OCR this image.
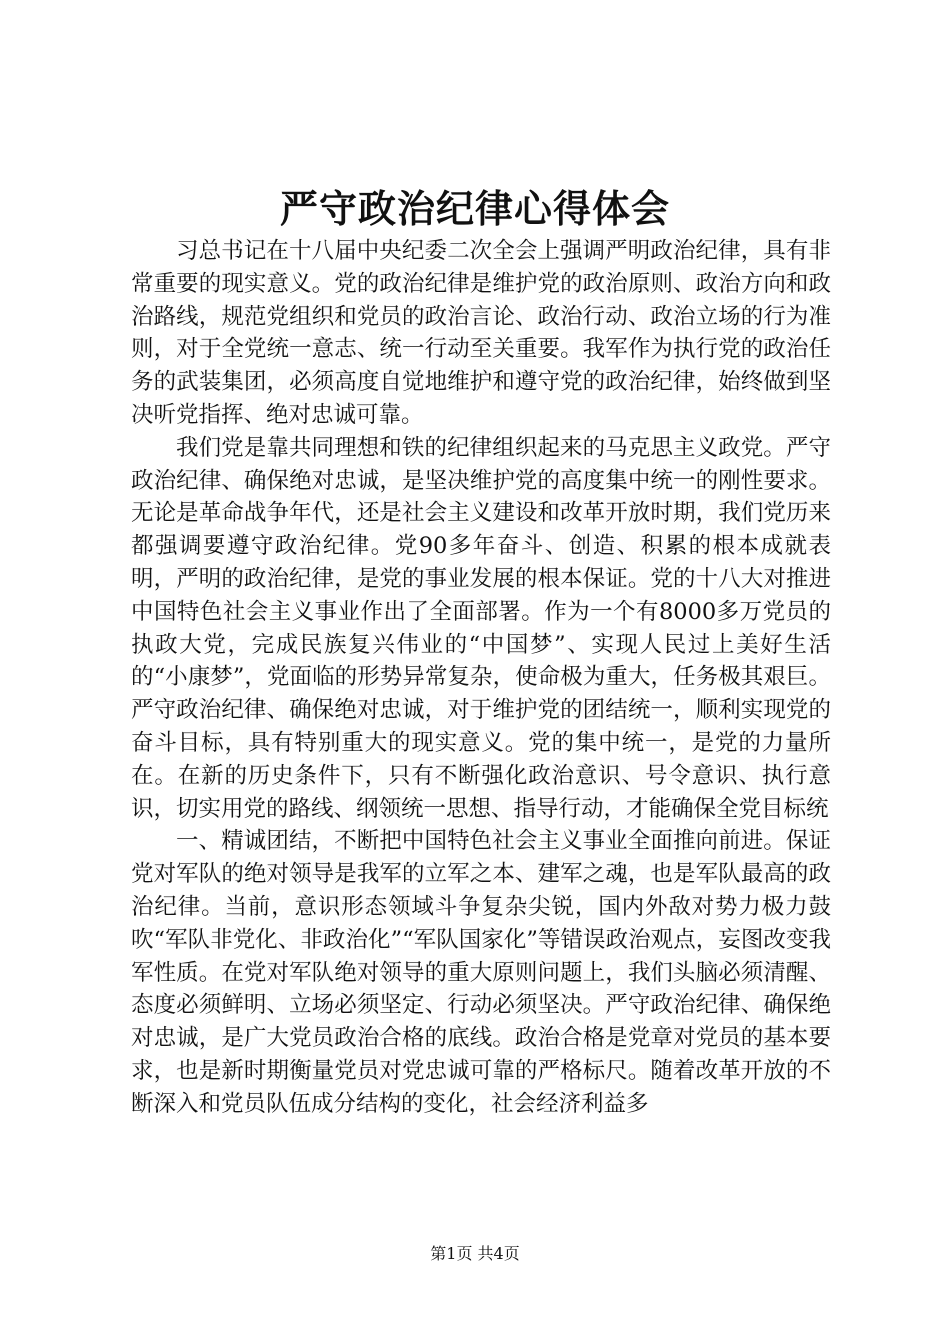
严守政治纪律心得体会

习总书记在十八届中央纪委二次全会上强调严明政治纪律，具有非常重要的现实意义。党的政治纪律是维护党的政治原则、政治方向和政治路线，规范党组织和党员的政治言论、政治行动、政治立场的行为准则，对于全党统一意志、统一行动至关重要。我军作为执行党的政治任务的武装集团，必须高度自觉地维护和遵守党的政治纪律，始终做到坚决听党指挥、绝对忠诚可靠。

我们党是靠共同理想和铁的纪律组织起来的马克思主义政党。严守政治纪律、确保绝对忠诚，是坚决维护党的高度集中统一的刚性要求。无论是革命战争年代，还是社会主义建设和改革开放时期，我们党历来都强调要遵守政治纪律。党90多年奋斗、创造、积累的根本成就表明，严明的政治纪律，是党的事业发展的根本保证。党的十八大对推进中国特色社会主义事业作出了全面部署。作为一个有8000多万党员的执政大党，完成民族复兴伟业的“中国梦”、实现人民过上美好生活的“小康梦”，党面临的形势异常复杂，使命极为重大，任务极其艰巨。严守政治纪律、确保绝对忠诚，对于维护党的团结统一，顺利实现党的奋斗目标，具有特别重大的现实意义。党的集中统一，是党的力量所在。在新的历史条件下，只有不断强化政治意识、号令意识、执行意识，切实用党的路线、纲领统一思想、指导行动，才能确保全党目标统

一、精诚团结，不断把中国特色社会主义事业全面推向前进。保证党对军队的绝对领导是我军的立军之本、建军之魂，也是军队最高的政治纪律。当前，意识形态领域斗争复杂尖锐，国内外敌对势力极力鼓吹“军队非党化、非政治化”“军队国家化”等错误政治观点，妄图改变我军性质。在党对军队绝对领导的重大原则问题上，我们头脑必须清醒、态度必须鲜明、立场必须坚定、行动必须坚决。严守政治纪律、确保绝对忠诚，是广大党员政治合格的底线。政治合格是党章对党员的基本要求，也是新时期衡量党员对党忠诚可靠的严格标尺。随着改革开放的不断深入和党员队伍成分结构的变化，社会经济利益多

第1页 共4页
